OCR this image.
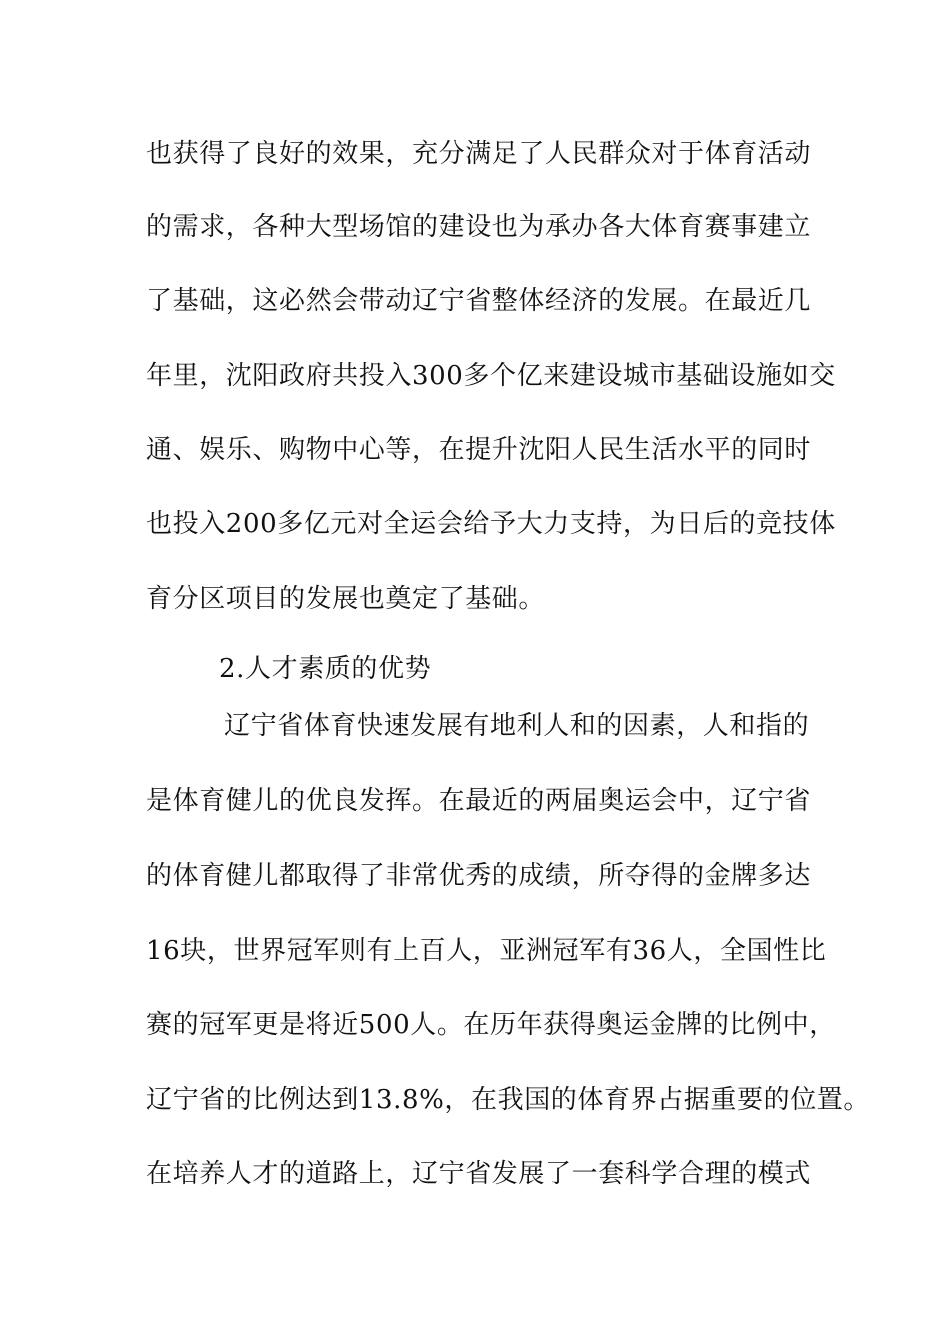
也获得了良好的效果，充分满足了人民群众对于体育活动
的需求，各种大型场馆的建设也为承办各大体育赛事建立
了基础，这必然会带动辽宁省整体经济的发展。在最近几
年里，沈阳政府共投入300多个亿来建设城市基础设施如交
通、娱乐、购物中心等，在提升沈阳人民生活水平的同时
也投入200多亿元对全运会给予大力支持，为日后的竞技体
育分区项目的发展也奠定了基础。
2.人才素质的优势
辽宁省体育快速发展有地利人和的因素，人和指的
是体育健儿的优良发挥。在最近的两届奥运会中，辽宁省
的体育健儿都取得了非常优秀的成绩，所夺得的金牌多达
16块，世界冠军则有上百人，亚洲冠军有36人，全国性比
赛的冠军更是将近500人。在历年获得奥运金牌的比例中，
辽宁省的比例达到13.8%，在我国的体育界占据重要的位置。
在培养人才的道路上，辽宁省发展了一套科学合理的模式
